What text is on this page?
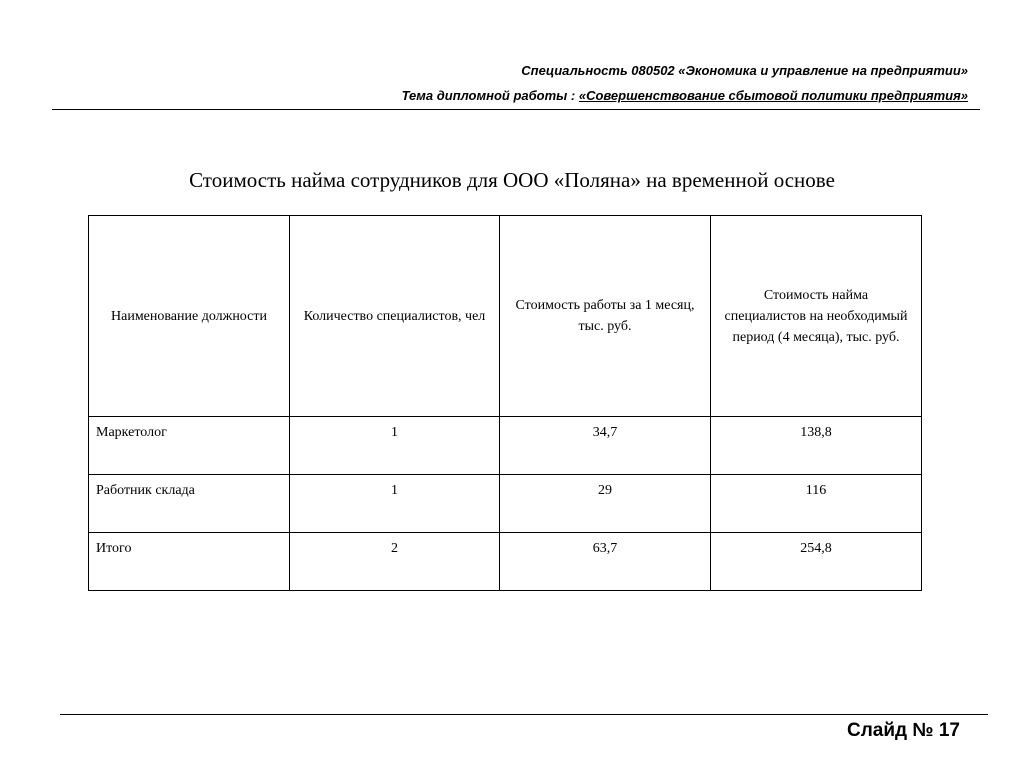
Специальность 080502 «Экономика и управление на предприятии»
Тема дипломной работы : «Совершенствование сбытовой политики предприятия»
Стоимость найма сотрудников для ООО «Поляна» на временной основе
Наименование должности	Количество специалистов, чел	Стоимость работы за 1 месяц, тыс. руб.	Стоимость найма специалистов на необходимый период (4 месяца), тыс. руб.
Маркетолог	1	34,7	138,8
Работник склада	1	29	116
Итого	2	63,7	254,8
Слайд № 17
